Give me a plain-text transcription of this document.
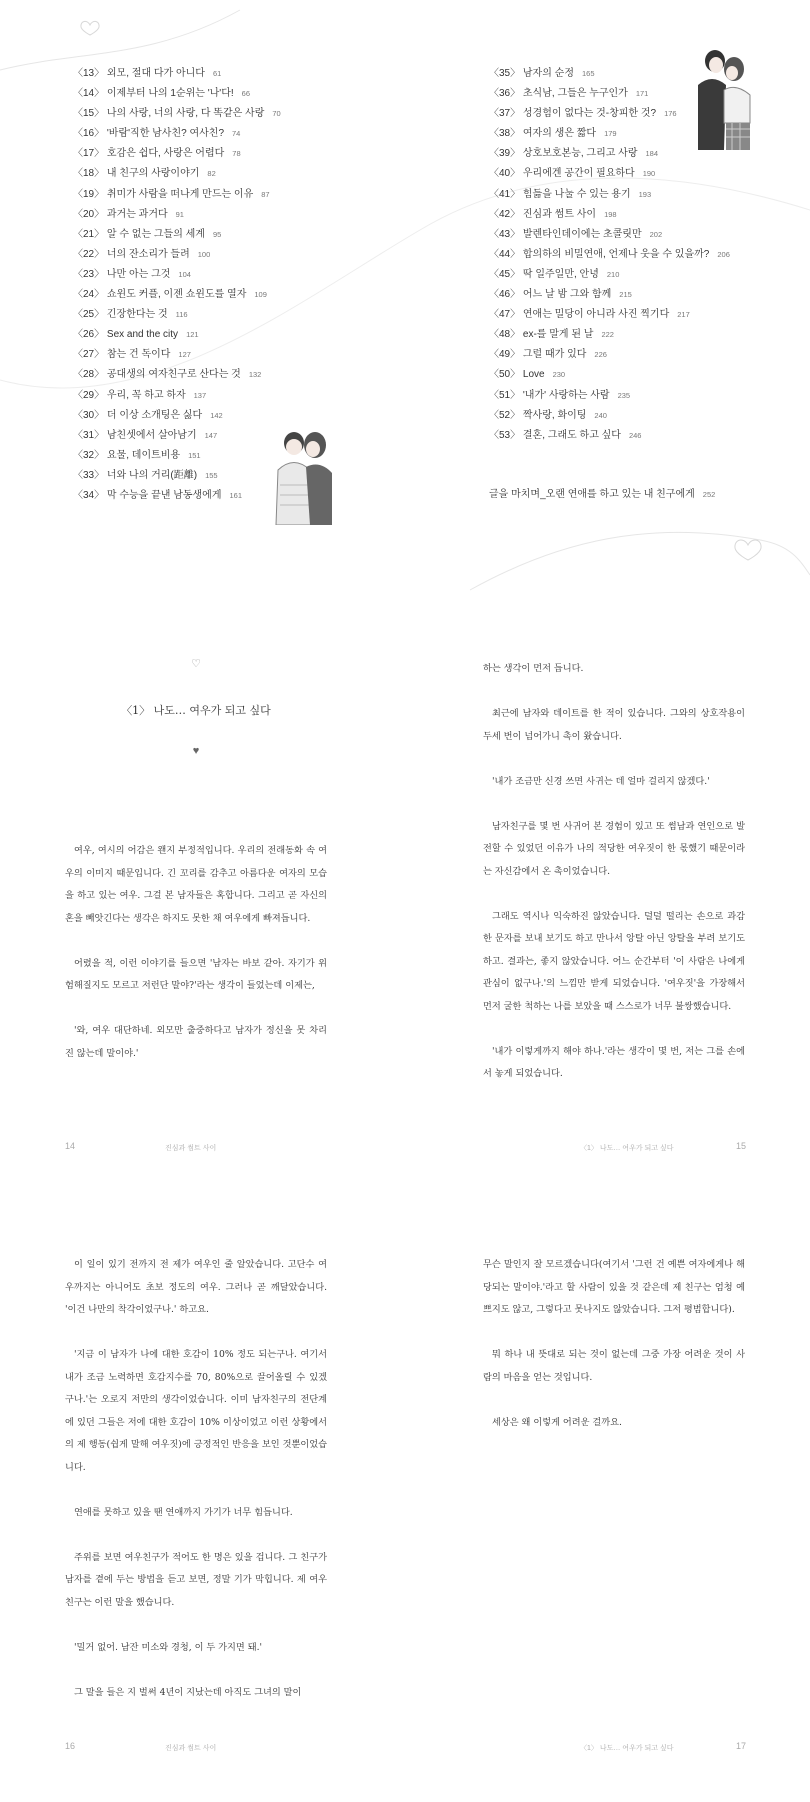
〈13〉 외모, 절대 다가 아니다 61
〈14〉 이제부터 나의 1순위는 '나'다! 66
〈15〉 나의 사랑, 너의 사랑, 다 똑같은 사랑 70
〈16〉 '바람'직한 남사친? 여사친? 74
〈17〉 호감은 쉽다, 사랑은 어렵다 78
〈18〉 내 친구의 사랑이야기 82
〈19〉 취미가 사람을 떠나게 만드는 이유 87
〈20〉 과거는 과거다 91
〈21〉 알 수 없는 그들의 세계 95
〈22〉 너의 잔소리가 들려 100
〈23〉 나만 아는 그것 104
〈24〉 쇼윈도 커플, 이젠 쇼윈도를 열자 109
〈25〉 긴장한다는 것 116
〈26〉 Sex and the city 121
〈27〉 참는 건 독이다 127
〈28〉 공대생의 여자친구로 산다는 것 132
〈29〉 우리, 꼭 하고 하자 137
〈30〉 더 이상 소개팅은 싫다 142
〈31〉 남친셋에서 살아남기 147
〈32〉 요물, 데이트비용 151
〈33〉 너와 나의 거리(距離) 155
〈34〉 막 수능을 끝낸 남동생에게 161
〈35〉 남자의 순정 165
〈36〉 초식남, 그들은 누구인가 171
〈37〉 성경험이 없다는 것-창피한 것? 176
〈38〉 여자의 생은 짧다 179
〈39〉 상호보호본능, 그리고 사랑 184
〈40〉 우리에겐 공간이 필요하다 190
〈41〉 힘듦을 나눌 수 있는 용기 193
〈42〉 진심과 썸트 사이 198
〈43〉 발렌타인데이에는 초콜릿만 202
〈44〉 합의하의 비밀연애, 언제나 웃을 수 있을까? 206
〈45〉 딱 일주일만, 안녕 210
〈46〉 어느 날 밤 그와 함께 215
〈47〉 연애는 밀당이 아니라 사진 찍기다 217
〈48〉 ex-를 말게 된 날 222
〈49〉 그럴 때가 있다 226
〈50〉 Love 230
〈51〉 '내가' 사랑하는 사람 235
〈52〉 짝사랑, 화이팅 240
〈53〉 결혼, 그래도 하고 싶다 246
글을 마치며_오랜 연애를 하고 있는 내 친구에게 252
♡
〈1〉 나도… 여우가 되고 싶다
♥

여우, 여시의 어감은 왠지 부정적입니다. 우리의 전래동화 속 여우의 이미지 때문입니다. 긴 꼬리를 감추고 아름다운 여자의 모습을 하고 있는 여우. 그걸 본 남자들은 혹합니다. 그리고 곧 자신의 혼을 빼앗긴다는 생각은 하지도 못한 채 여우에게 빠져듭니다.

어렸을 적, 이런 이야기를 들으면 '남자는 바보 같아. 자기가 위험해질지도 모르고 저런단 말야?'라는 생각이 들었는데 이제는,

'와, 여우 대단하네. 외모만 출중하다고 남자가 정신을 못 차리진 않는데 말이야.'

14	진심과 썸트 사이

하는 생각이 먼저 듭니다.

최근에 남자와 데이트를 한 적이 있습니다. 그와의 상호작용이 두세 번이 넘어가니 촉이 왔습니다.

'내가 조금만 신경 쓰면 사귀는 데 얼마 걸리지 않겠다.'

남자친구를 몇 번 사귀어 본 경험이 있고 또 썸남과 연인으로 발전할 수 있었던 이유가 나의 적당한 여우짓이 한 몫했기 때문이라는 자신감에서 온 촉이었습니다.

그래도 역시나 익숙하진 않았습니다. 덜덜 떨리는 손으로 과감한 문자를 보내 보기도 하고 만나서 앙탈 아닌 앙탈을 부려 보기도 하고. 결과는, 좋지 않았습니다. 어느 순간부터 '이 사람은 나에게 관심이 없구나.'의 느낌만 받게 되었습니다. '여우짓'을 가장해서 먼저 굴한 척하는 나를 보았을 때 스스로가 너무 불쌍했습니다.

'내가 이렇게까지 해야 하나.'라는 생각이 몇 번, 저는 그를 손에서 놓게 되었습니다.

〈1〉 나도… 여우가 되고 싶다	15

이 일이 있기 전까지 전 제가 여우인 줄 알았습니다. 고단수 여우까지는 아니어도 초보 정도의 여우. 그러나 곧 깨달았습니다. '이건 나만의 착각이었구나.' 하고요.

'지금 이 남자가 나에 대한 호감이 10% 정도 되는구나. 여기서 내가 조금 노력하면 호감지수를 70, 80%으로 끌어올릴 수 있겠구나.'는 오로지 저만의 생각이었습니다. 이미 남자친구의 전단계에 있던 그들은 저에 대한 호감이 10% 이상이었고 이런 상황에서의 제 행동(쉽게 말해 여우짓)에 긍정적인 반응을 보인 것뿐이었습니다.

연애를 못하고 있을 땐 연애까지 가기가 너무 힘듭니다.

주위를 보면 여우친구가 적어도 한 명은 있을 겁니다. 그 친구가 남자를 곁에 두는 방법을 듣고 보면, 정말 기가 막힙니다. 제 여우친구는 이런 말을 했습니다.

'밀거 없어. 남잔 미소와 경청, 이 두 가지면 돼.'

그 말을 들은 지 벌써 4년이 지났는데 아직도 그녀의 말이

16	진심과 썸트 사이

무슨 말인지 잘 모르겠습니다(여기서 '그런 건 예쁜 여자에게나 해당되는 말이야.'라고 할 사람이 있을 것 같은데 제 친구는 엄청 예쁘지도 않고, 그렇다고 못나지도 않았습니다. 그저 평범합니다).

뭐 하나 내 뜻대로 되는 것이 없는데 그중 가장 어려운 것이 사람의 마음을 얻는 것입니다.

세상은 왜 이렇게 어려운 걸까요.

〈1〉 나도… 여우가 되고 싶다	17
